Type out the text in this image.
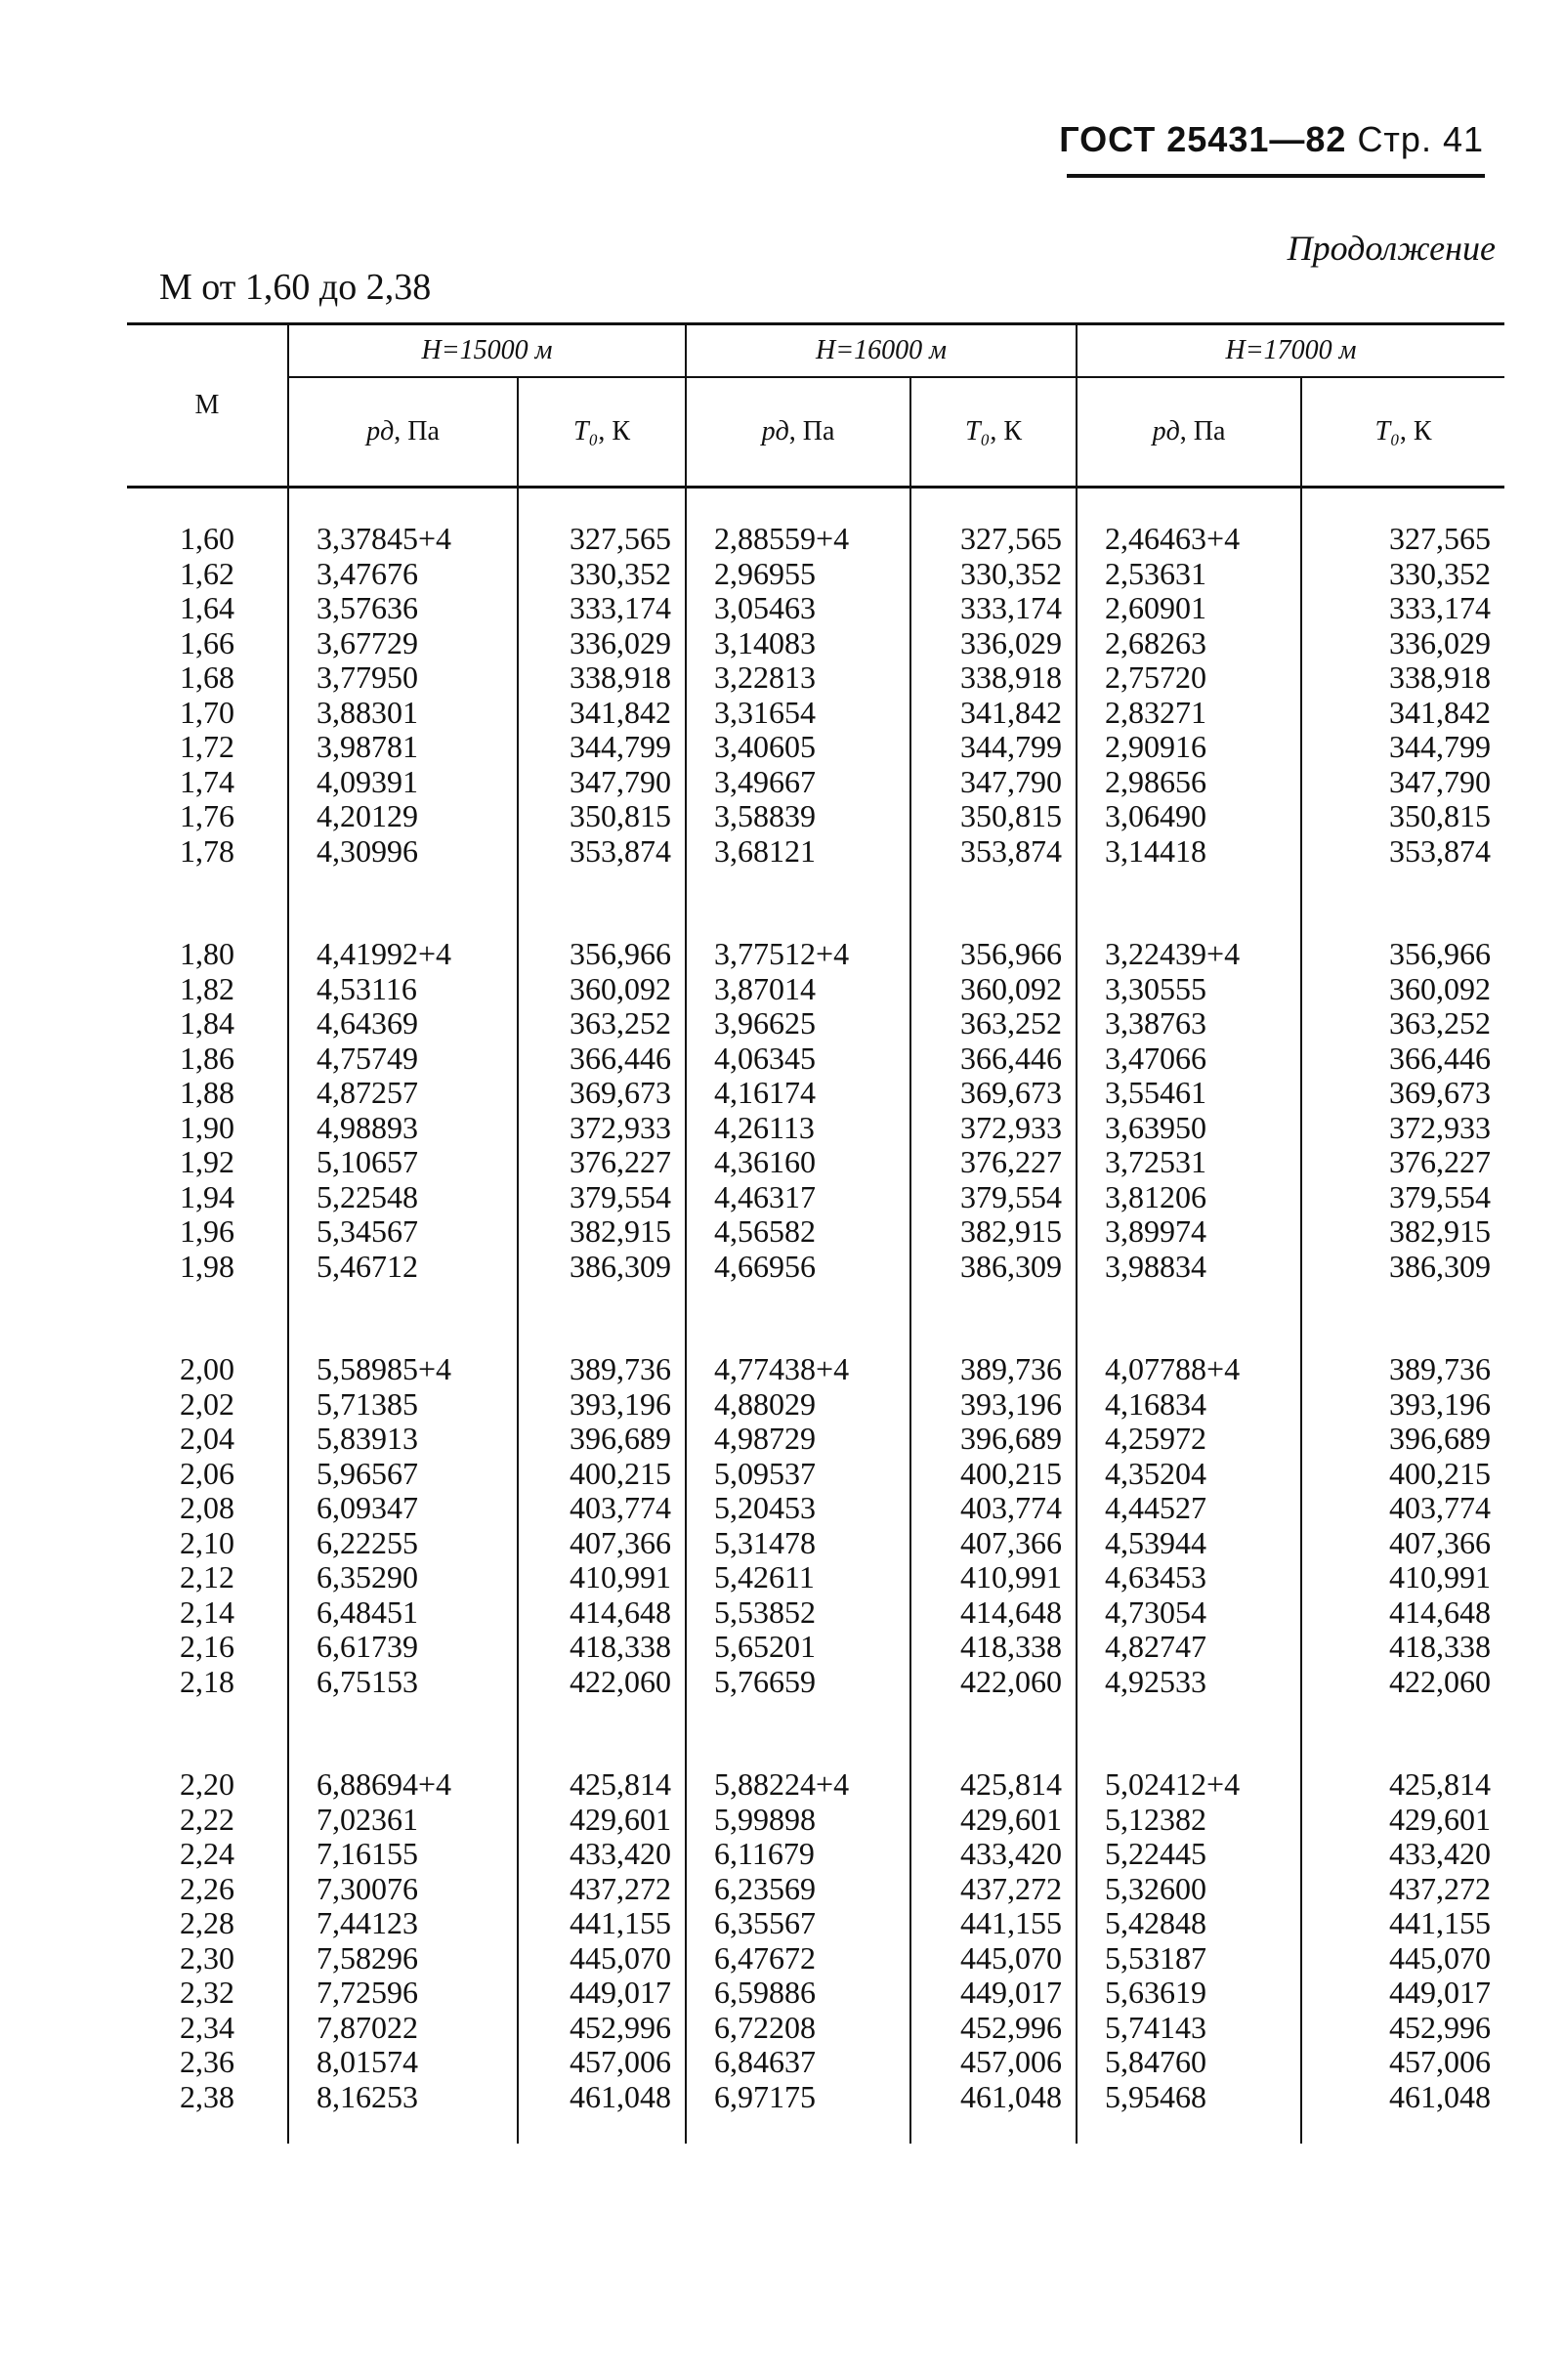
ГОСТ 25431—82 Стр. 41
Продолжение
М от 1,60 до 2,38
М	H=15000 м		H=16000 м		H=17000 м	
	pд, Па	T₀, К	pд, Па	T₀, К	pд, Па	T₀, К
1,60	3,37845+4	327,565	2,88559+4	327,565	2,46463+4	327,565
1,62	3,47676	330,352	2,96955	330,352	2,53631	330,352
1,64	3,57636	333,174	3,05463	333,174	2,60901	333,174
1,66	3,67729	336,029	3,14083	336,029	2,68263	336,029
1,68	3,77950	338,918	3,22813	338,918	2,75720	338,918
1,70	3,88301	341,842	3,31654	341,842	2,83271	341,842
1,72	3,98781	344,799	3,40605	344,799	2,90916	344,799
1,74	4,09391	347,790	3,49667	347,790	2,98656	347,790
1,76	4,20129	350,815	3,58839	350,815	3,06490	350,815
1,78	4,30996	353,874	3,68121	353,874	3,14418	353,874
1,80	4,41992+4	356,966	3,77512+4	356,966	3,22439+4	356,966
1,82	4,53116	360,092	3,87014	360,092	3,30555	360,092
1,84	4,64369	363,252	3,96625	363,252	3,38763	363,252
1,86	4,75749	366,446	4,06345	366,446	3,47066	366,446
1,88	4,87257	369,673	4,16174	369,673	3,55461	369,673
1,90	4,98893	372,933	4,26113	372,933	3,63950	372,933
1,92	5,10657	376,227	4,36160	376,227	3,72531	376,227
1,94	5,22548	379,554	4,46317	379,554	3,81206	379,554
1,96	5,34567	382,915	4,56582	382,915	3,89974	382,915
1,98	5,46712	386,309	4,66956	386,309	3,98834	386,309
2,00	5,58985+4	389,736	4,77438+4	389,736	4,07788+4	389,736
2,02	5,71385	393,196	4,88029	393,196	4,16834	393,196
2,04	5,83913	396,689	4,98729	396,689	4,25972	396,689
2,06	5,96567	400,215	5,09537	400,215	4,35204	400,215
2,08	6,09347	403,774	5,20453	403,774	4,44527	403,774
2,10	6,22255	407,366	5,31478	407,366	4,53944	407,366
2,12	6,35290	410,991	5,42611	410,991	4,63453	410,991
2,14	6,48451	414,648	5,53852	414,648	4,73054	414,648
2,16	6,61739	418,338	5,65201	418,338	4,82747	418,338
2,18	6,75153	422,060	5,76659	422,060	4,92533	422,060
2,20	6,88694+4	425,814	5,88224+4	425,814	5,02412+4	425,814
2,22	7,02361	429,601	5,99898	429,601	5,12382	429,601
2,24	7,16155	433,420	6,11679	433,420	5,22445	433,420
2,26	7,30076	437,272	6,23569	437,272	5,32600	437,272
2,28	7,44123	441,155	6,35567	441,155	5,42848	441,155
2,30	7,58296	445,070	6,47672	445,070	5,53187	445,070
2,32	7,72596	449,017	6,59886	449,017	5,63619	449,017
2,34	7,87022	452,996	6,72208	452,996	5,74143	452,996
2,36	8,01574	457,006	6,84637	457,006	5,84760	457,006
2,38	8,16253	461,048	6,97175	461,048	5,95468	461,048
